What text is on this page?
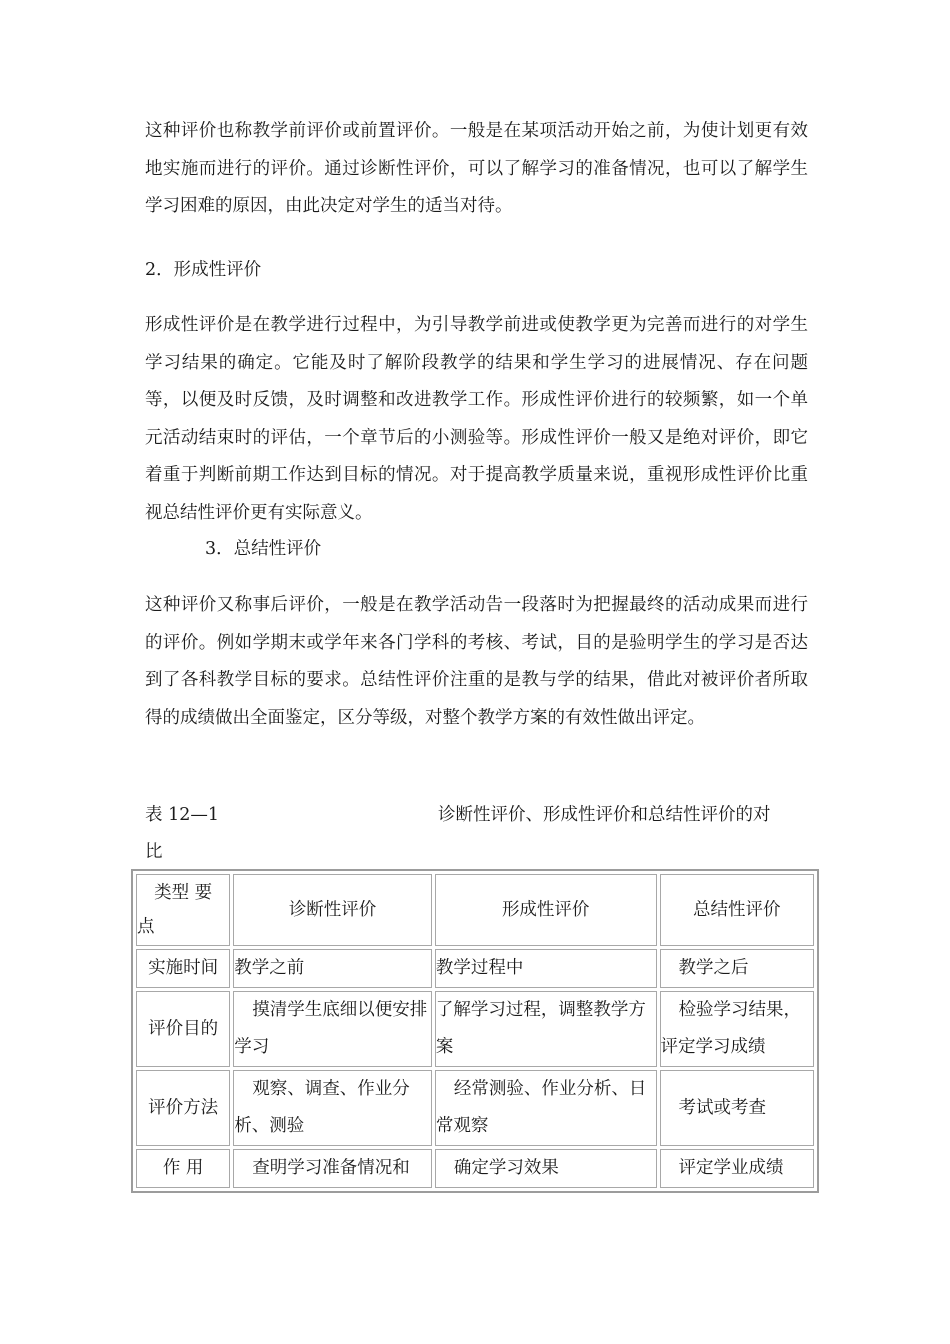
这种评价也称教学前评价或前置评价。一般是在某项活动开始之前，为使计划更有效地实施而进行的评价。通过诊断性评价，可以了解学习的准备情况，也可以了解学生学习困难的原因，由此决定对学生的适当对待。

2．形成性评价

形成性评价是在教学进行过程中，为引导教学前进或使教学更为完善而进行的对学生学习结果的确定。它能及时了解阶段教学的结果和学生学习的进展情况、存在问题等，以便及时反馈，及时调整和改进教学工作。形成性评价进行的较频繁，如一个单元活动结束时的评估，一个章节后的小测验等。形成性评价一般又是绝对评价，即它着重于判断前期工作达到目标的情况。对于提高教学质量来说，重视形成性评价比重视总结性评价更有实际意义。

3．总结性评价

这种评价又称事后评价，一般是在教学活动告一段落时为把握最终的活动成果而进行的评价。例如学期末或学年来各门学科的考核、考试，目的是验明学生的学习是否达到了各科教学目标的要求。总结性评价注重的是教与学的结果，借此对被评价者所取得的成绩做出全面鉴定，区分等级，对整个教学方案的有效性做出评定。

表 12—1	诊断性评价、形成性评价和总结性评价的对
比
类型 要
点	诊断性评价	形成性评价	总结性评价
实施时间	教学之前	教学过程中	教学之后
评价目的	摸清学生底细以便安排学习	了解学习过程，调整教学方案	检验学习结果，评定学习成绩
评价方法	观察、调查、作业分析、测验	经常测验、作业分析、日常观察	考试或考查
作 用	查明学习准备情况和	确定学习效果	评定学业成绩
